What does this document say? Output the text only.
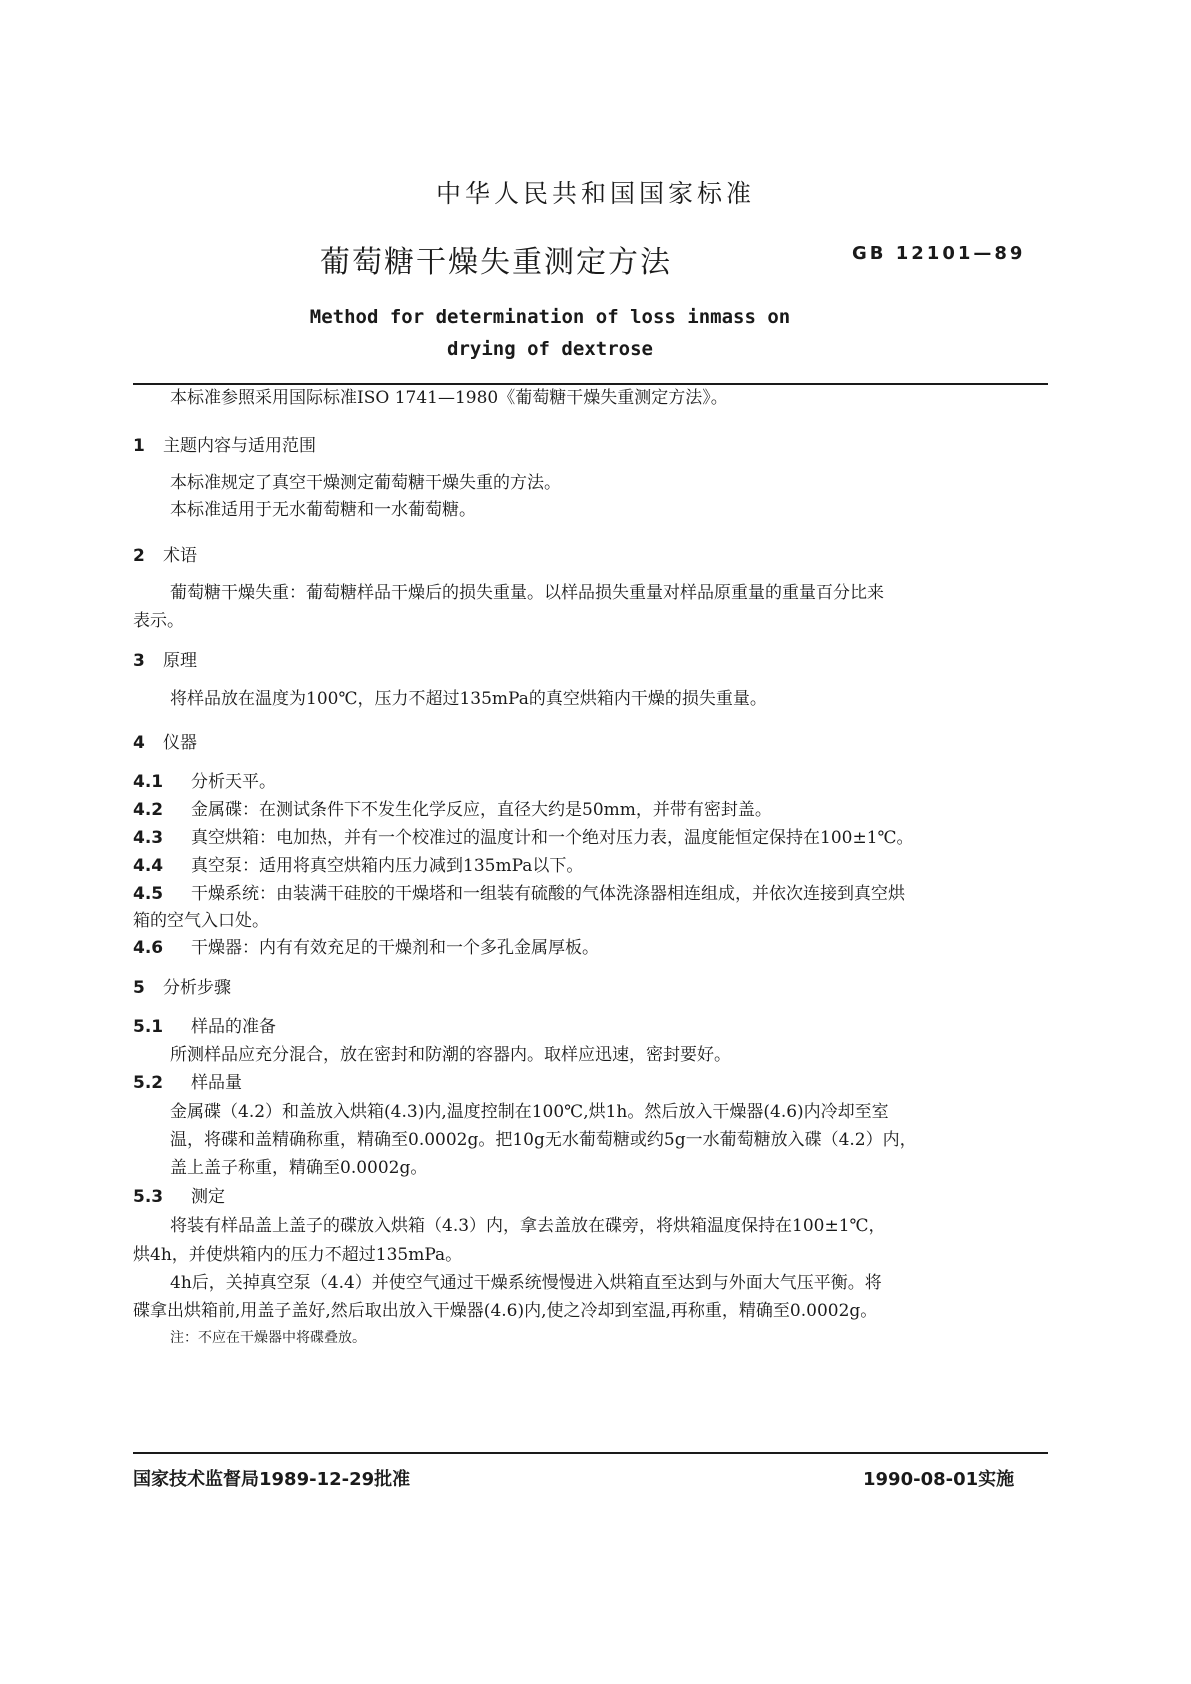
中华人民共和国国家标准
葡萄糖干燥失重测定方法	GB 12101—89
Method for determination of loss inmass on
drying of dextrose
本标准参照采用国际标准ISO 1741—1980《葡萄糖干燥失重测定方法》。
1 主题内容与适用范围
本标准规定了真空干燥测定葡萄糖干燥失重的方法。
本标准适用于无水葡萄糖和一水葡萄糖。
2 术语
葡萄糖干燥失重：葡萄糖样品干燥后的损失重量。以样品损失重量对样品原重量的重量百分比来
表示。
3 原理
将样品放在温度为100℃，压力不超过135mPa的真空烘箱内干燥的损失重量。
4 仪器
4.1 分析天平。
4.2 金属碟：在测试条件下不发生化学反应，直径大约是50mm，并带有密封盖。
4.3 真空烘箱：电加热，并有一个校准过的温度计和一个绝对压力表，温度能恒定保持在100±1℃。
4.4 真空泵：适用将真空烘箱内压力减到135mPa以下。
4.5 干燥系统：由装满干硅胶的干燥塔和一组装有硫酸的气体洗涤器相连组成，并依次连接到真空烘
箱的空气入口处。
4.6 干燥器：内有有效充足的干燥剂和一个多孔金属厚板。
5 分析步骤
5.1 样品的准备
所测样品应充分混合，放在密封和防潮的容器内。取样应迅速，密封要好。
5.2 样品量
金属碟（4.2）和盖放入烘箱(4.3)内,温度控制在100℃,烘1h。然后放入干燥器(4.6)内冷却至室
温，将碟和盖精确称重，精确至0.0002g。把10g无水葡萄糖或约5g一水葡萄糖放入碟（4.2）内，
盖上盖子称重，精确至0.0002g。
5.3 测定
将装有样品盖上盖子的碟放入烘箱（4.3）内，拿去盖放在碟旁，将烘箱温度保持在100±1℃，
烘4h，并使烘箱内的压力不超过135mPa。
4h后，关掉真空泵（4.4）并使空气通过干燥系统慢慢进入烘箱直至达到与外面大气压平衡。将
碟拿出烘箱前,用盖子盖好,然后取出放入干燥器(4.6)内,使之冷却到室温,再称重，精确至0.0002g。
注：不应在干燥器中将碟叠放。
国家技术监督局1989-12-29批准	1990-08-01实施
